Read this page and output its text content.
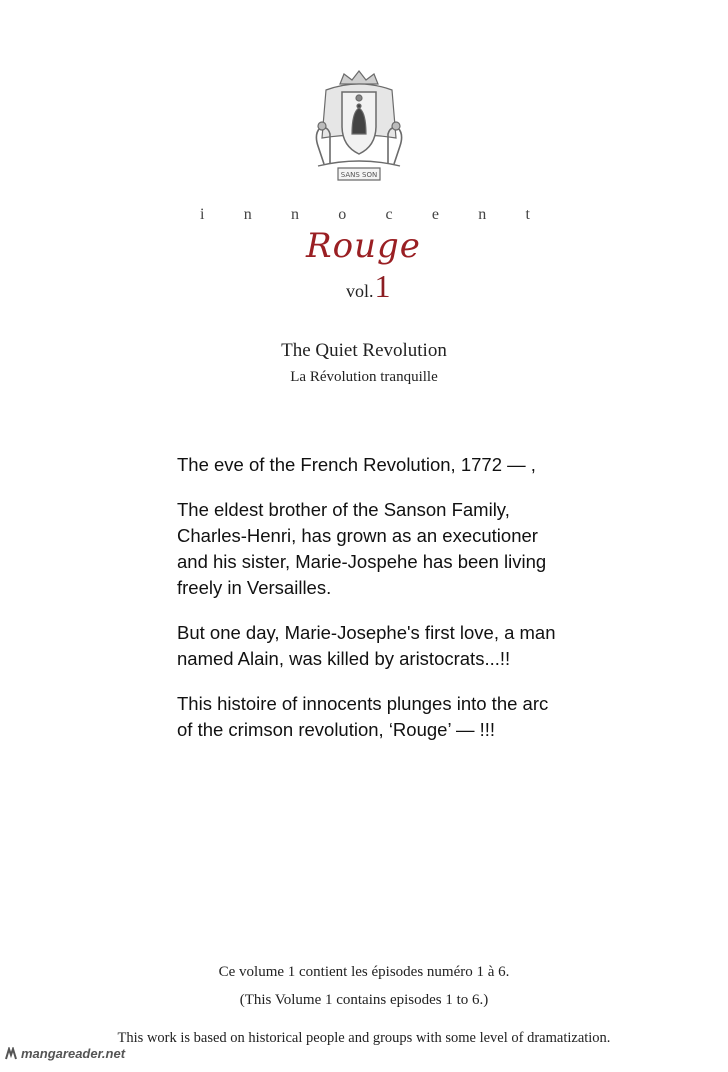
SANS SON
i n n o c e n t
Rouge
vol.1
The Quiet Revolution
La Révolution tranquille

The eve of the French Revolution, 1772 — ,

The eldest brother of the Sanson Family,
Charles-Henri, has grown as an executioner
and his sister, Marie-Jospehe has been living
freely in Versailles.

But one day, Marie-Josephe's first love, a man
named Alain, was killed by aristocrats...!!

This histoire of innocents plunges into the arc
of the crimson revolution, ‘Rouge’ — !!!

Ce volume 1 contient les épisodes numéro 1 à 6.
(This Volume 1 contains episodes 1 to 6.)
This work is based on historical people and groups with some level of dramatization.
mangareader.net
